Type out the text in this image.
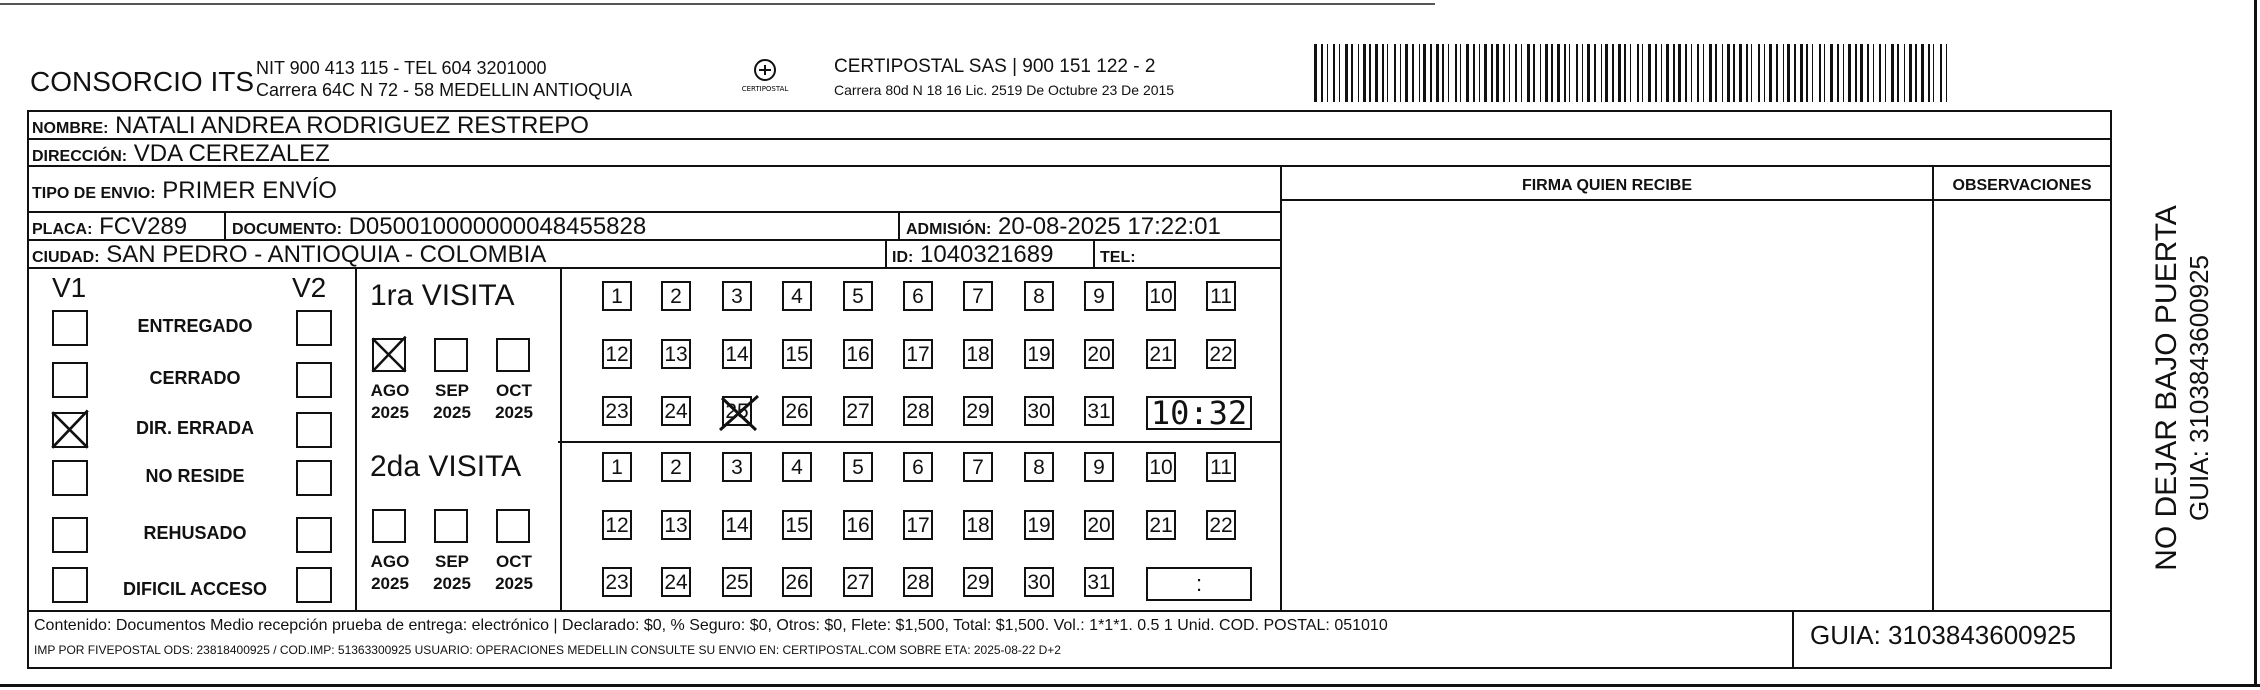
CONSORCIO ITS NIT 900 413 115 - TEL 604 3201000
Carrera 64C N 72 - 58 MEDELLIN ANTIOQUIA	CERTIPOSTAL
CERTIPOSTAL SAS | 900 151 122 - 2
Carrera 80d N 18 16 Lic. 2519 De Octubre 23 De 2015
NOMBRE: NATALI ANDREA RODRIGUEZ RESTREPO
DIRECCIÓN: VDA CEREZALEZ
TIPO DE ENVIO: PRIMER ENVÍO
PLACA: FCV289	DOCUMENTO: D050010000000048455828	ADMISIÓN: 20-08-2025 17:22:01
CIUDAD: SAN PEDRO - ANTIOQUIA - COLOMBIA	ID: 1040321689	TEL:
FIRMA QUIEN RECIBE	OBSERVACIONES
V1	V2
ENTREGADO
CERRADO
DIR. ERRADA
NO RESIDE
REHUSADO
DIFICIL ACCESO
1ra VISITA
2da VISITA
AGO
2025
SEP
2025
OCT
2025
1	2	3	4	5	6	7	8	9	10 11
12 13 14 15 16 17 18 19 20 21 22
23 24 25 26 27 28 29 30 31 10:32
AGO
2025
SEP
2025
OCT
2025
1	2	3	4	5	6	7	8	9	10 11
12 13 14 15 16 17 18 19 20 21 22
23 24 25 26 27 28 29 30 31	:
Contenido: Documentos Medio recepción prueba de entrega: electrónico | Declarado: $0, % Seguro: $0, Otros: $0, Flete: $1,500, Total: $1,500. Vol.: 1*1*1. 0.5 1 Unid. COD. POSTAL: 051010
IMP POR FIVEPOSTAL ODS: 23818400925 / COD.IMP: 51363300925 USUARIO: OPERACIONES MEDELLIN CONSULTE SU ENVIO EN: CERTIPOSTAL.COM SOBRE ETA: 2025-08-22 D+2	GUIA: 3103843600925
NO DEJAR BAJO PUERTA GUIA: 3103843600925
